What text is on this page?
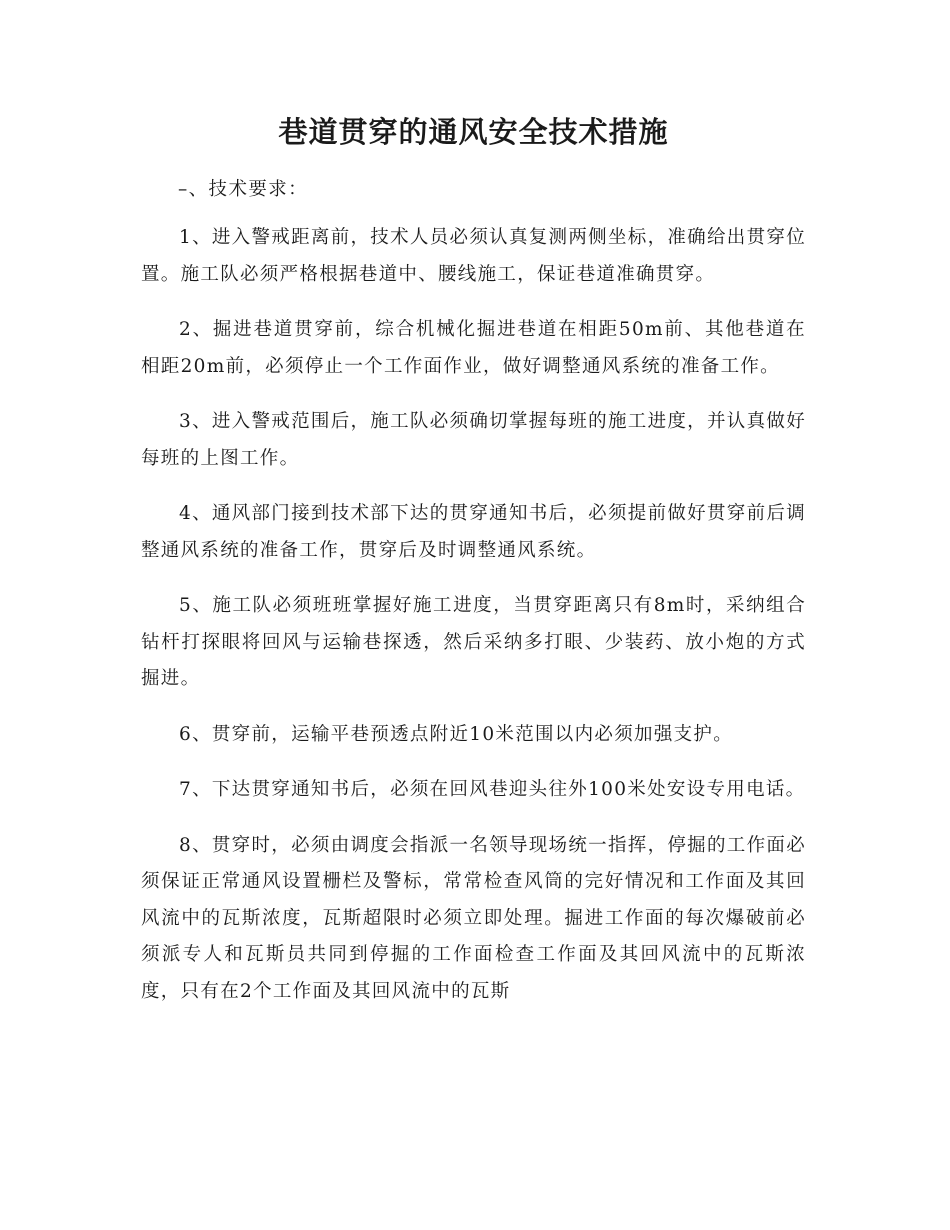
巷道贯穿的通风安全技术措施

–、技术要求：

1、进入警戒距离前，技术人员必须认真复测两侧坐标，准确给出贯穿位置。施工队必须严格根据巷道中、腰线施工，保证巷道准确贯穿。

2、掘进巷道贯穿前，综合机械化掘进巷道在相距50m前、其他巷道在相距20m前，必须停止一个工作面作业，做好调整通风系统的准备工作。

3、进入警戒范围后，施工队必须确切掌握每班的施工进度，并认真做好每班的上图工作。

4、通风部门接到技术部下达的贯穿通知书后，必须提前做好贯穿前后调整通风系统的准备工作，贯穿后及时调整通风系统。

5、施工队必须班班掌握好施工进度，当贯穿距离只有8m时，采纳组合钻杆打探眼将回风与运输巷探透，然后采纳多打眼、少装药、放小炮的方式掘进。

6、贯穿前，运输平巷预透点附近10米范围以内必须加强支护。

7、下达贯穿通知书后，必须在回风巷迎头往外100米处安设专用电话。

8、贯穿时，必须由调度会指派一名领导现场统一指挥，停掘的工作面必须保证正常通风设置栅栏及警标，常常检查风筒的完好情况和工作面及其回风流中的瓦斯浓度，瓦斯超限时必须立即处理。掘进工作面的每次爆破前必须派专人和瓦斯员共同到停掘的工作面检查工作面及其回风流中的瓦斯浓度，只有在2个工作面及其回风流中的瓦斯
